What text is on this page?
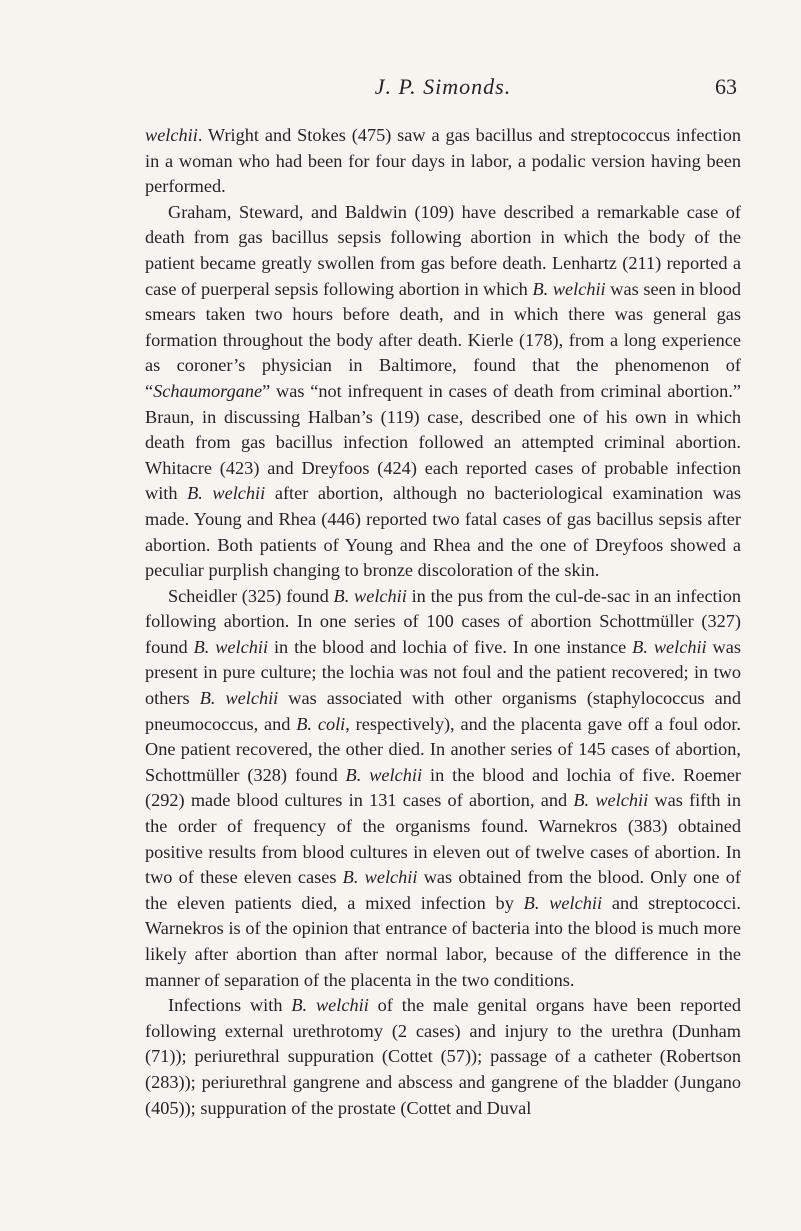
J. P. Simonds.	63

welchii. Wright and Stokes (475) saw a gas bacillus and streptococcus infection in a woman who had been for four days in labor, a podalic version having been performed.

Graham, Steward, and Baldwin (109) have described a remarkable case of death from gas bacillus sepsis following abortion in which the body of the patient became greatly swollen from gas before death. Lenhartz (211) reported a case of puerperal sepsis following abortion in which B. welchii was seen in blood smears taken two hours before death, and in which there was general gas formation throughout the body after death. Kierle (178), from a long experience as coroner’s physician in Baltimore, found that the phenomenon of “Schaumorgane” was “not infrequent in cases of death from criminal abortion.” Braun, in discussing Halban’s (119) case, described one of his own in which death from gas bacillus infection followed an attempted criminal abortion. Whitacre (423) and Dreyfoos (424) each reported cases of probable infection with B. welchii after abortion, although no bacteriological examination was made. Young and Rhea (446) reported two fatal cases of gas bacillus sepsis after abortion. Both patients of Young and Rhea and the one of Dreyfoos showed a peculiar purplish changing to bronze discoloration of the skin.

Scheidler (325) found B. welchii in the pus from the cul-de-sac in an infection following abortion. In one series of 100 cases of abortion Schottmüller (327) found B. welchii in the blood and lochia of five. In one instance B. welchii was present in pure culture; the lochia was not foul and the patient recovered; in two others B. welchii was associated with other organisms (staphylococcus and pneumococcus, and B. coli, respectively), and the placenta gave off a foul odor. One patient recovered, the other died. In another series of 145 cases of abortion, Schottmüller (328) found B. welchii in the blood and lochia of five. Roemer (292) made blood cultures in 131 cases of abortion, and B. welchii was fifth in the order of frequency of the organisms found. Warnekros (383) obtained positive results from blood cultures in eleven out of twelve cases of abortion. In two of these eleven cases B. welchii was obtained from the blood. Only one of the eleven patients died, a mixed infection by B. welchii and streptococci. Warnekros is of the opinion that entrance of bacteria into the blood is much more likely after abortion than after normal labor, because of the difference in the manner of separation of the placenta in the two conditions.

Infections with B. welchii of the male genital organs have been reported following external urethrotomy (2 cases) and injury to the urethra (Dunham (71)); periurethral suppuration (Cottet (57)); passage of a catheter (Robertson (283)); periurethral gangrene and abscess and gangrene of the bladder (Jungano (405)); suppuration of the prostate (Cottet and Duval
